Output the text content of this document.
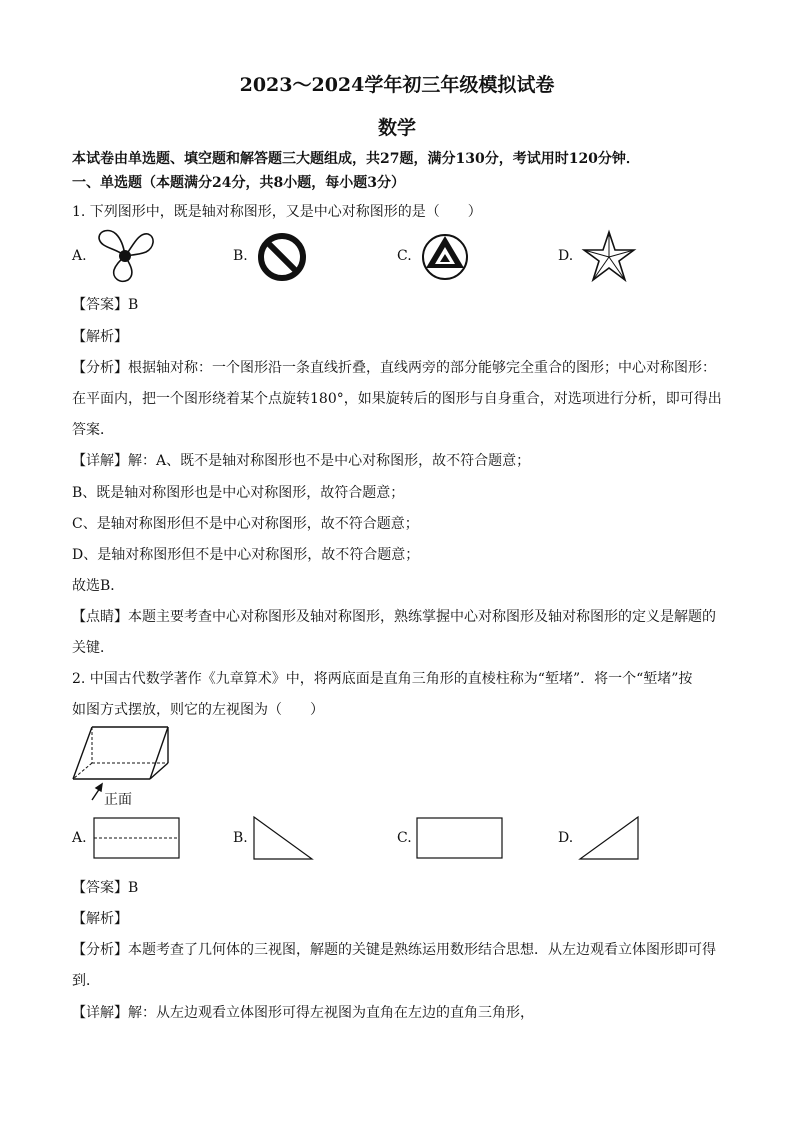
2023～2024学年初三年级模拟试卷
数学
本试卷由单选题、填空题和解答题三大题组成，共27题，满分130分，考试用时120分钟．
一、单选题（本题满分24分，共8小题，每小题3分）
1. 下列图形中，既是轴对称图形，又是中心对称图形的是（　　）
A.	B.	C.	D.
【答案】B
【解析】
【分析】根据轴对称：一个图形沿一条直线折叠，直线两旁的部分能够完全重合的图形；中心对称图形：
在平面内，把一个图形绕着某个点旋转180°，如果旋转后的图形与自身重合，对选项进行分析，即可得出
答案．
【详解】解：A、既不是轴对称图形也不是中心对称图形，故不符合题意；
B、既是轴对称图形也是中心对称图形，故符合题意；
C、是轴对称图形但不是中心对称图形，故不符合题意；
D、是轴对称图形但不是中心对称图形，故不符合题意；
故选B．
【点睛】本题主要考查中心对称图形及轴对称图形，熟练掌握中心对称图形及轴对称图形的定义是解题的
关键．
2. 中国古代数学著作《九章算术》中，将两底面是直角三角形的直棱柱称为“堑堵”．将一个“堑堵”按
如图方式摆放，则它的左视图为（　　）
正面
A.	B.	C.	D.
【答案】B
【解析】
【分析】本题考查了几何体的三视图，解题的关键是熟练运用数形结合思想．从左边观看立体图形即可得
到．
【详解】解：从左边观看立体图形可得左视图为直角在左边的直角三角形，
